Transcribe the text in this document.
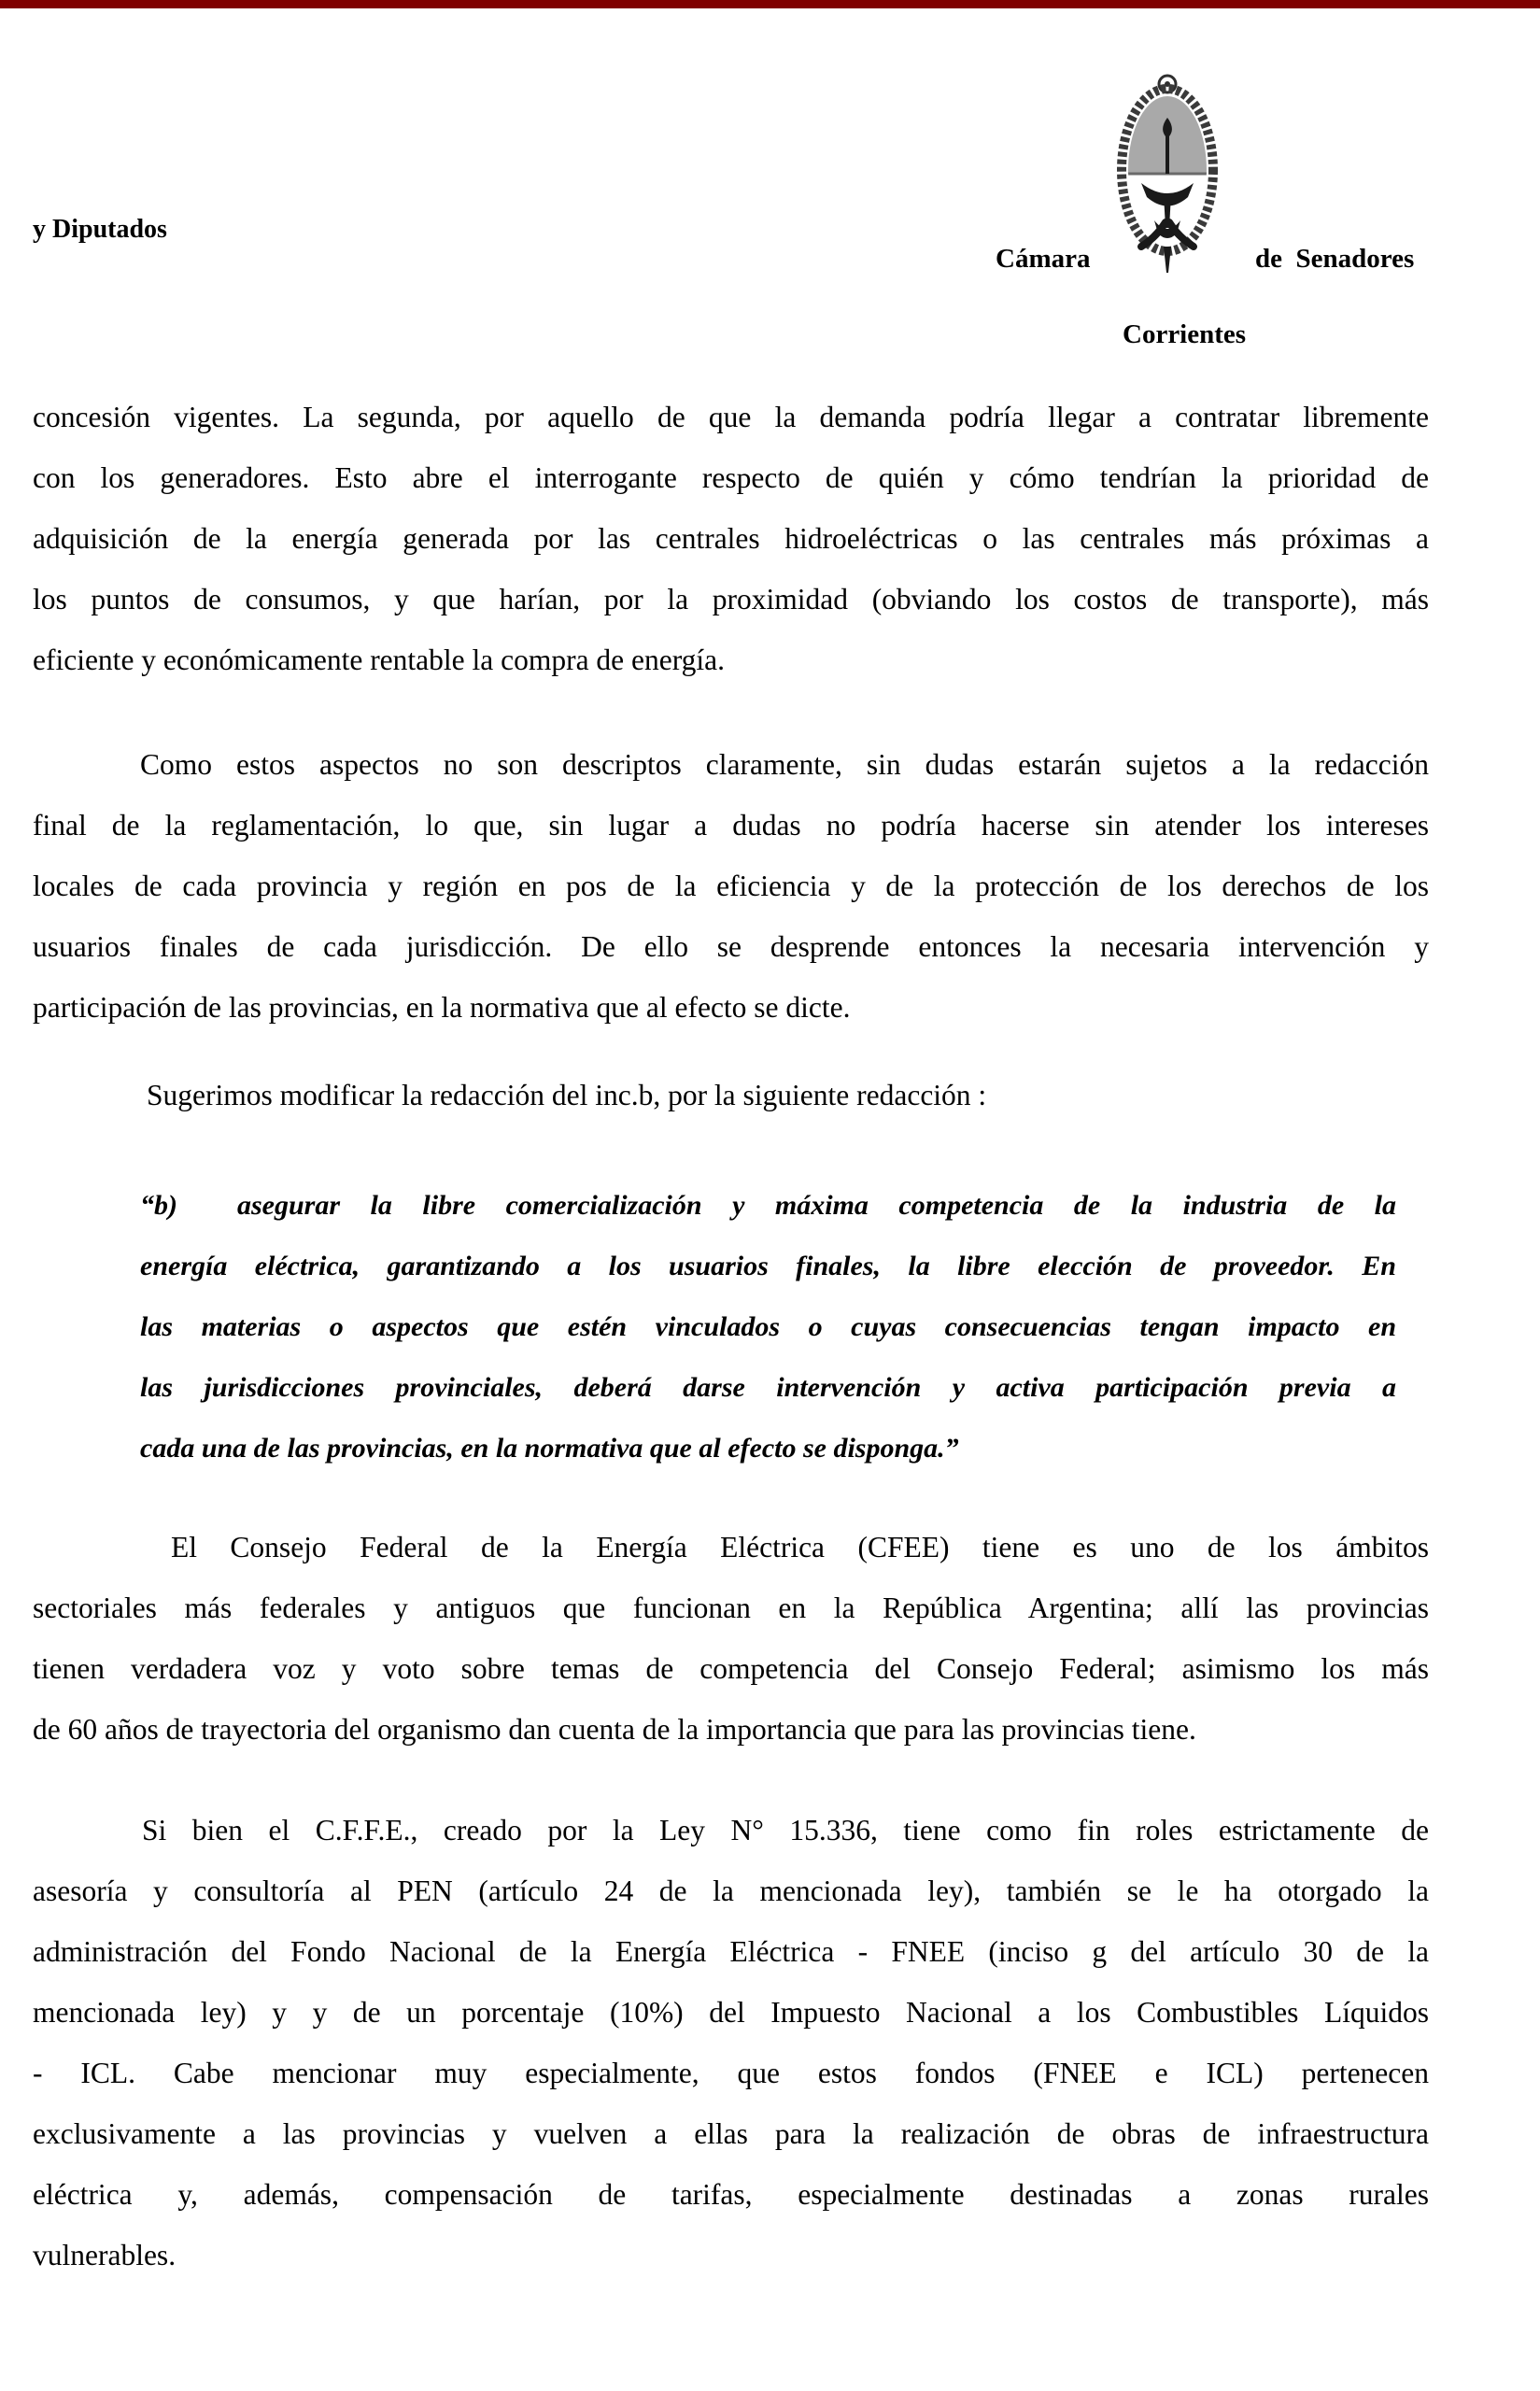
y Diputados
Cámara	de  Senadores
Corrientes
concesión vigentes. La segunda, por aquello de que la demanda podría llegar a contratar libremente
con los generadores. Esto abre el interrogante respecto de quién y cómo tendrían la prioridad de
adquisición de la energía generada por las centrales hidroeléctricas o las centrales más próximas a
los puntos de consumos, y que harían, por la proximidad (obviando los costos de transporte), más
eficiente y económicamente rentable la compra de energía.
Como estos aspectos no son descriptos claramente, sin dudas estarán sujetos a la redacción
final de la reglamentación, lo que, sin lugar a dudas no podría hacerse sin atender los intereses
locales de cada provincia y región en pos de la eficiencia y de la protección de los derechos de los
usuarios finales de cada jurisdicción. De ello se desprende entonces la necesaria intervención y
participación de las provincias, en la normativa que al efecto se dicte.
Sugerimos modificar la redacción del inc.b, por la siguiente redacción :
“b) asegurar la libre comercialización y máxima competencia de la industria de la
energía eléctrica, garantizando a los usuarios finales, la libre elección de proveedor. En
las materias o aspectos que estén vinculados o cuyas consecuencias tengan impacto en
las jurisdicciones provinciales, deberá darse intervención y activa participación previa a
cada una de las provincias, en la normativa que al efecto se disponga.”
El Consejo Federal de la Energía Eléctrica (CFEE) tiene es uno de los ámbitos
sectoriales más federales y antiguos que funcionan en la República Argentina; allí las provincias
tienen verdadera voz y voto sobre temas de competencia del Consejo Federal; asimismo los más
de 60 años de trayectoria del organismo dan cuenta de la importancia que para las provincias tiene.
Si bien el C.F.F.E., creado por la Ley N° 15.336, tiene como fin roles estrictamente de
asesoría y consultoría al PEN (artículo 24 de la mencionada ley), también se le ha otorgado la
administración del Fondo Nacional de la Energía Eléctrica - FNEE (inciso g del artículo 30 de la
mencionada ley) y y de un porcentaje (10%) del Impuesto Nacional a los Combustibles Líquidos
- ICL. Cabe mencionar muy especialmente, que estos fondos (FNEE e ICL) pertenecen
exclusivamente a las provincias y vuelven a ellas para la realización de obras de infraestructura
eléctrica y, además, compensación de tarifas, especialmente destinadas a zonas rurales
vulnerables.
